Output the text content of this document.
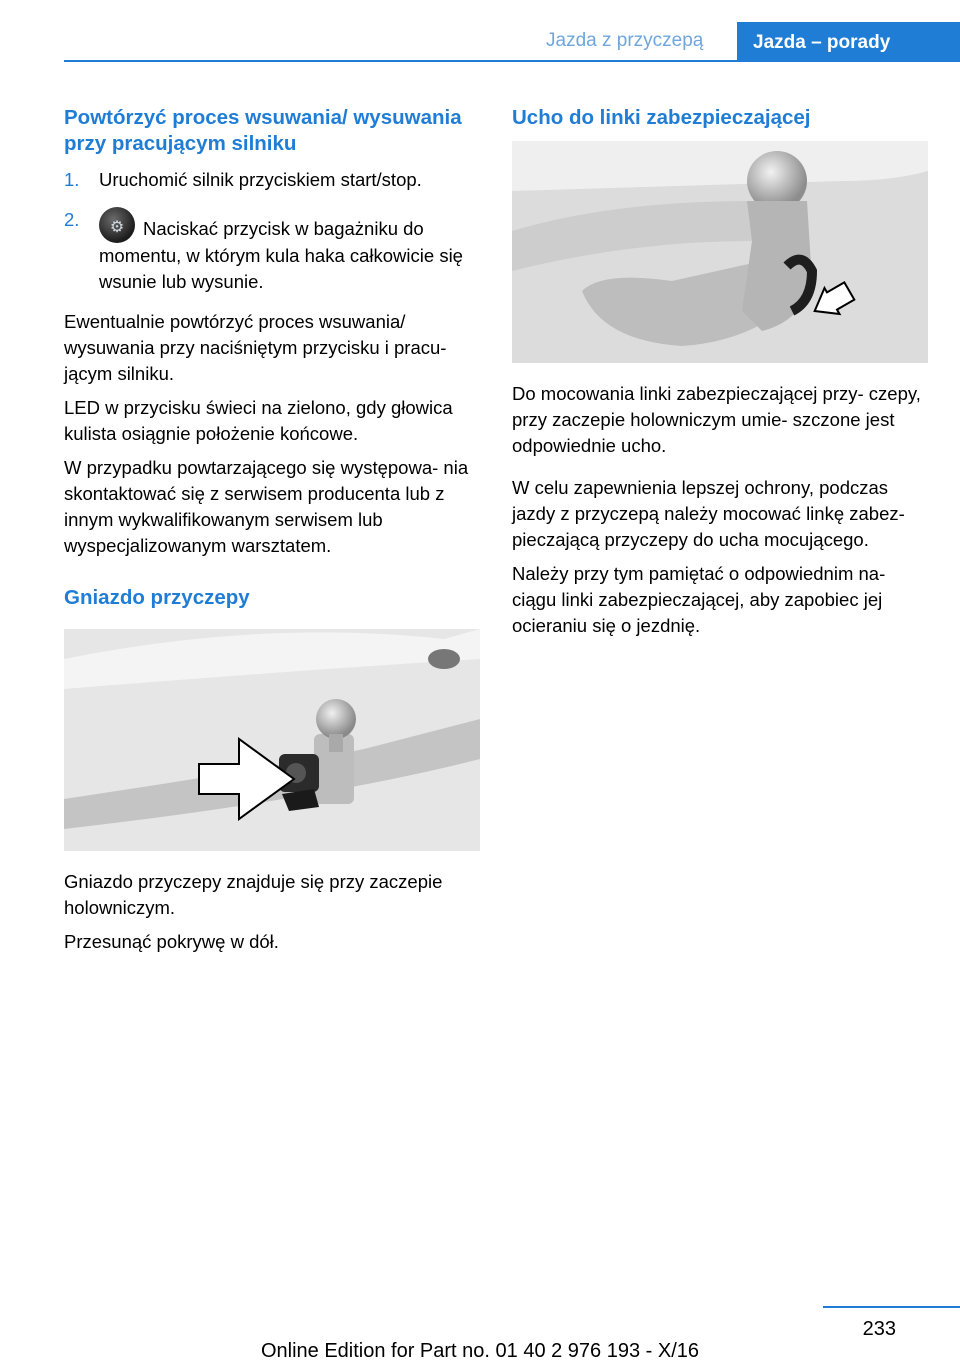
Jazda z przyczepą	Jazda – porady
Powtórzyć proces wsuwania/ wysuwania przy pracującym silniku
1. Uruchomić silnik przyciskiem start/stop.
2.	⚙	Naciskać przycisk w bagażniku do momentu, w którym kula haka całkowicie się wsunie lub wysunie.

Ewentualnie powtórzyć proces wsuwania/ wysuwania przy naciśniętym przycisku i pracu‐ jącym silniku.

LED w przycisku świeci na zielono, gdy głowica kulista osiągnie położenie końcowe.

W przypadku powtarzającego się występowa‐ nia skontaktować się z serwisem producenta lub z innym wykwalifikowanym serwisem lub wyspecjalizowanym warsztatem.

Gniazdo przyczepy

Gniazdo przyczepy znajduje się przy zaczepie holowniczym.

Przesunąć pokrywę w dół.

Ucho do linki zabezpieczającej

Do mocowania linki zabezpieczającej przy‐ czepy, przy zaczepie holowniczym umie‐ szczone jest odpowiednie ucho.

W celu zapewnienia lepszej ochrony, podczas jazdy z przyczepą należy mocować linkę zabez‐ pieczającą przyczepy do ucha mocującego.

Należy przy tym pamiętać o odpowiednim na‐ ciągu linki zabezpieczającej, aby zapobiec jej ocieraniu się o jezdnię.

233
Online Edition for Part no. 01 40 2 976 193 - X/16
